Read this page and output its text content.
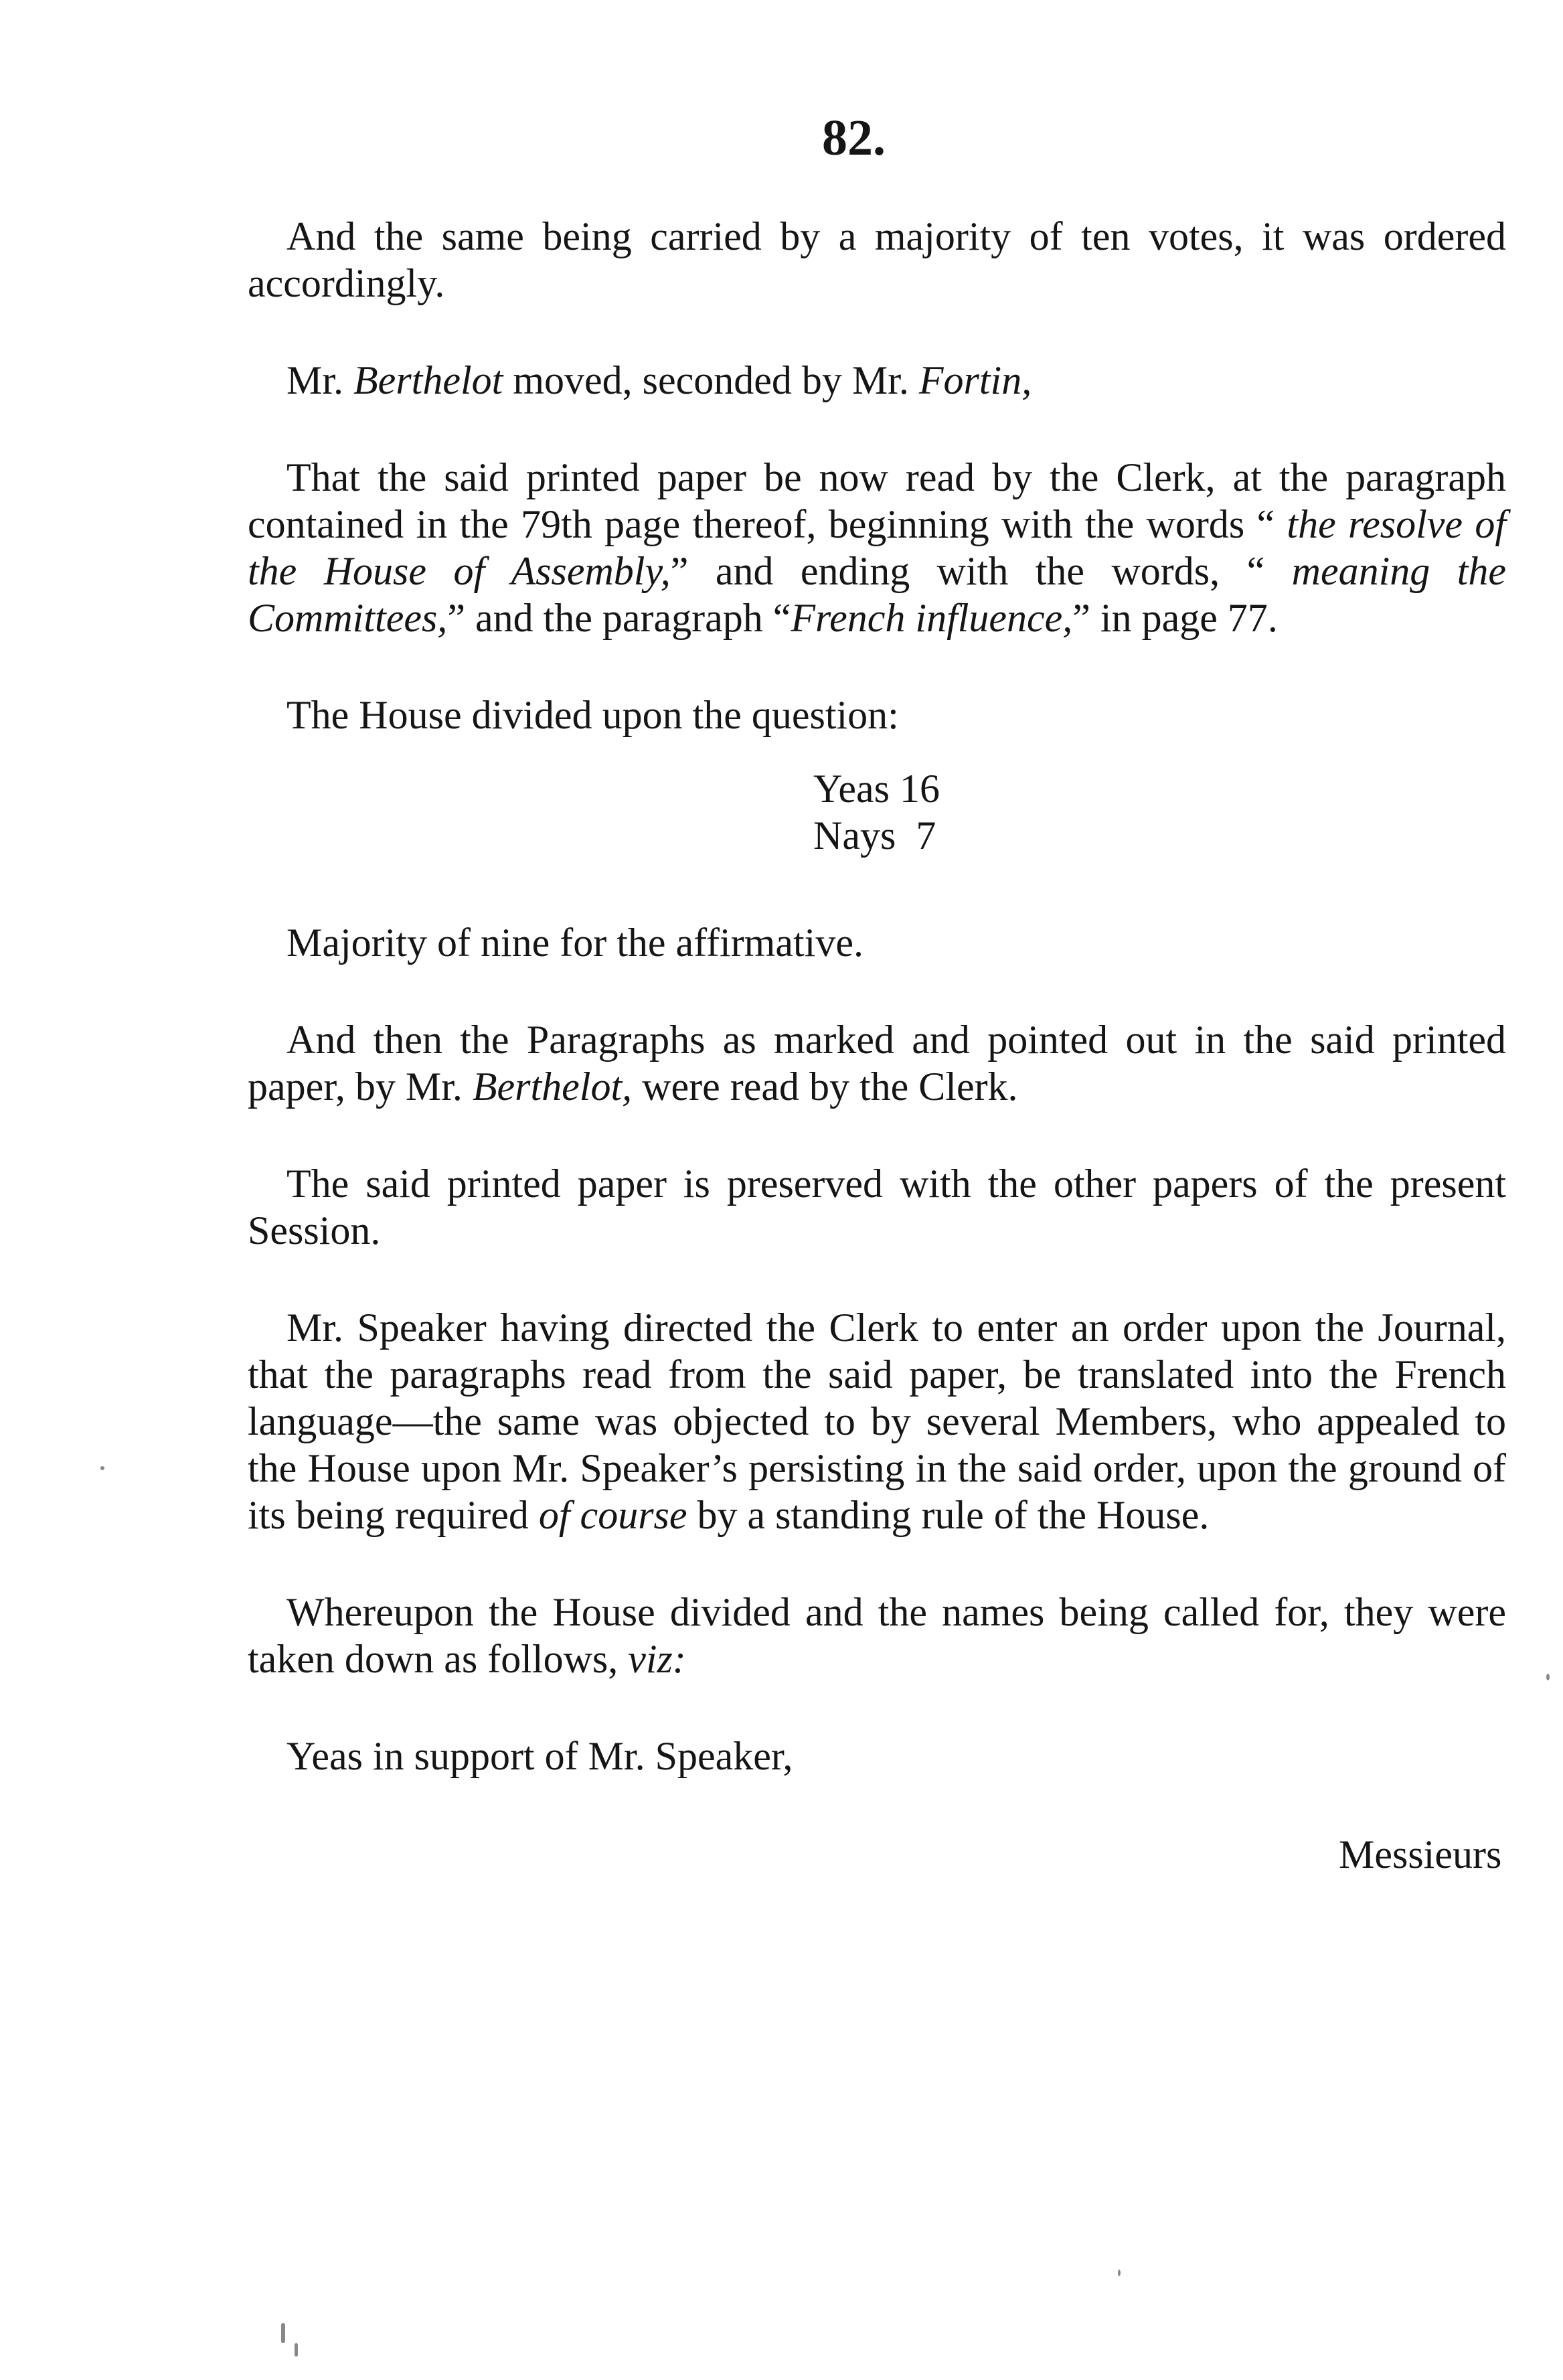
82.

And the same being carried by a majority of ten votes, it was ordered accordingly.

Mr. Berthelot moved, seconded by Mr. Fortin,

That the said printed paper be now read by the Clerk, at the paragraph contained in the 79th page thereof, beginning with the words “ the resolve of the House of Assembly,” and ending with the words, “ meaning the Committees,” and the paragraph “French influence,” in page 77.

The House divided upon the question:

Yeas 16
Nays 7

Majority of nine for the affirmative.

And then the Paragraphs as marked and pointed out in the said printed paper, by Mr. Berthelot, were read by the Clerk.

The said printed paper is preserved with the other papers of the present Session.

Mr. Speaker having directed the Clerk to enter an order upon the Journal, that the paragraphs read from the said paper, be translated into the French language—the same was objected to by several Members, who appealed to the House upon Mr. Speaker’s persisting in the said order, upon the ground of its being required of course by a standing rule of the House.

Whereupon the House divided and the names being called for, they were taken down as follows, viz:

Yeas in support of Mr. Speaker,

Messieurs
